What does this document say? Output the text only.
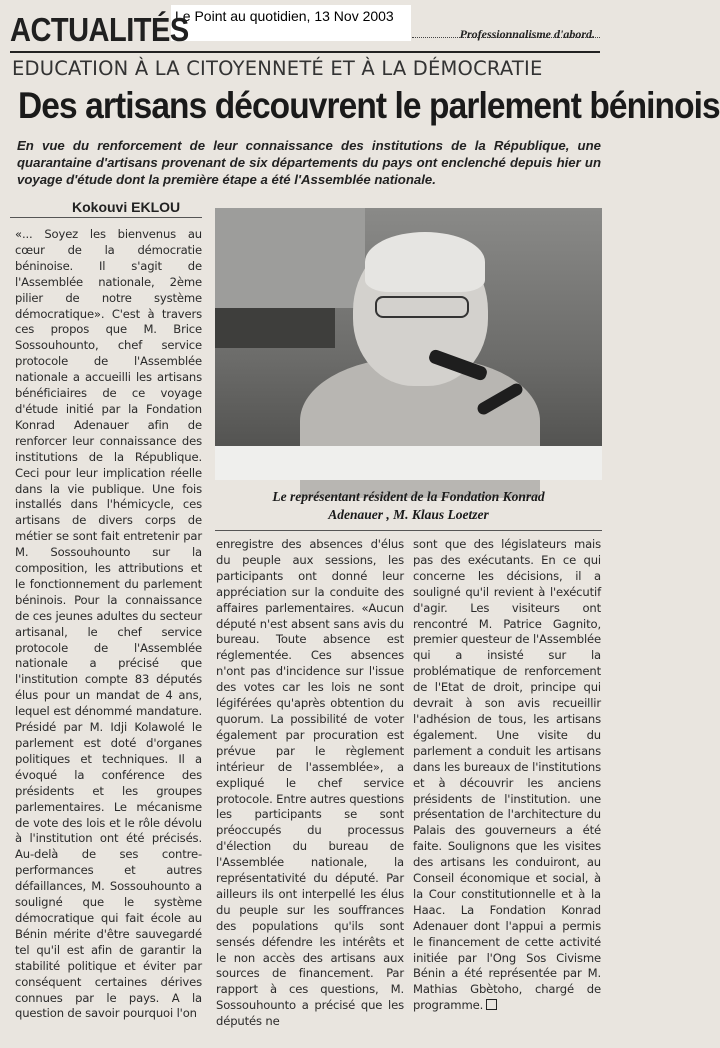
Le Point au quotidien, 13 Nov 2003
ACTUALITÉS	Professionnalisme d'abord.
EDUCATION À LA CITOYENNETÉ ET À LA DÉMOCRATIE
Des artisans découvrent le parlement béninois
En vue du renforcement de leur connaissance des institutions de la République, une quarantaine d'artisans provenant de six départements du pays ont enclenché depuis hier un voyage d'étude dont la première étape a été l'Assemblée nationale.
Kokouvi EKLOU

«... Soyez les bienvenus au cœur de la démocratie béninoise. Il s'agit de l'Assemblée nationale, 2ème pilier de notre système démocratique». C'est à travers ces propos que M. Brice Sossouhounto, chef service protocole de l'Assemblée nationale a accueilli les artisans bénéficiaires de ce voyage d'étude initié par la Fondation Konrad Adenauer afin de renforcer leur connaissance des institutions de la République. Ceci pour leur implication réelle dans la vie publique. Une fois installés dans l'hémicycle, ces artisans de divers corps de métier se sont fait entretenir par M. Sossouhounto sur la composition, les attributions et le fonctionnement du parlement béninois. Pour la connaissance de ces jeunes adultes du secteur artisanal, le chef service protocole de l'Assemblée nationale a précisé que l'institution compte 83 députés élus pour un mandat de 4 ans, lequel est dénommé mandature. Présidé par M. Idji Kolawolé le parlement est doté d'organes politiques et techniques. Il a évoqué la conférence des présidents et les groupes parlementaires. Le mécanisme de vote des lois et le rôle dévolu à l'institution ont été précisés. Au-delà de ses contre-performances et autres défaillances, M. Sossouhounto a souligné que le système démocratique qui fait école au Bénin mérite d'être sauvegardé tel qu'il est afin de garantir la stabilité politique et éviter par conséquent certaines dérives connues par le pays. A la question de savoir pourquoi l'on

Le représentant résident de la Fondation Konrad
Adenauer , M. Klaus Loetzer

enregistre des absences d'élus du peuple aux sessions, les participants ont donné leur appréciation sur la conduite des affaires parlementaires. «Aucun député n'est absent sans avis du bureau. Toute absence est réglementée. Ces absences n'ont pas d'incidence sur l'issue des votes car les lois ne sont légiférées qu'après obtention du quorum. La possibilité de voter également par procuration est prévue par le règlement intérieur de l'assemblée», a expliqué le chef service protocole. Entre autres questions les participants se sont préoccupés du processus d'élection du bureau de l'Assemblée nationale, la représentativité du député. Par ailleurs ils ont interpellé les élus du peuple sur les souffrances des populations qu'ils sont sensés défendre les intérêts et le non accès des artisans aux sources de financement. Par rapport à ces questions, M. Sossouhounto a précisé que les députés ne

sont que des législateurs mais pas des exécutants. En ce qui concerne les décisions, il a souligné qu'il revient à l'exécutif d'agir. Les visiteurs ont rencontré M. Patrice Gagnito, premier questeur de l'Assemblée qui a insisté sur la problématique de renforcement de l'Etat de droit, principe qui devrait à son avis recueillir l'adhésion de tous, les artisans également. Une visite du parlement a conduit les artisans dans les bureaux de l'institutions et à découvrir les anciens présidents de l'institution. une présentation de l'architecture du Palais des gouverneurs a été faite. Soulignons que les visites des artisans les conduiront, au Conseil économique et social, à la Cour constitutionnelle et à la Haac. La Fondation Konrad Adenauer dont l'appui a permis le financement de cette activité initiée par l'Ong Sos Civisme Bénin a été représentée par M. Mathias Gbètoho, chargé de programme.
